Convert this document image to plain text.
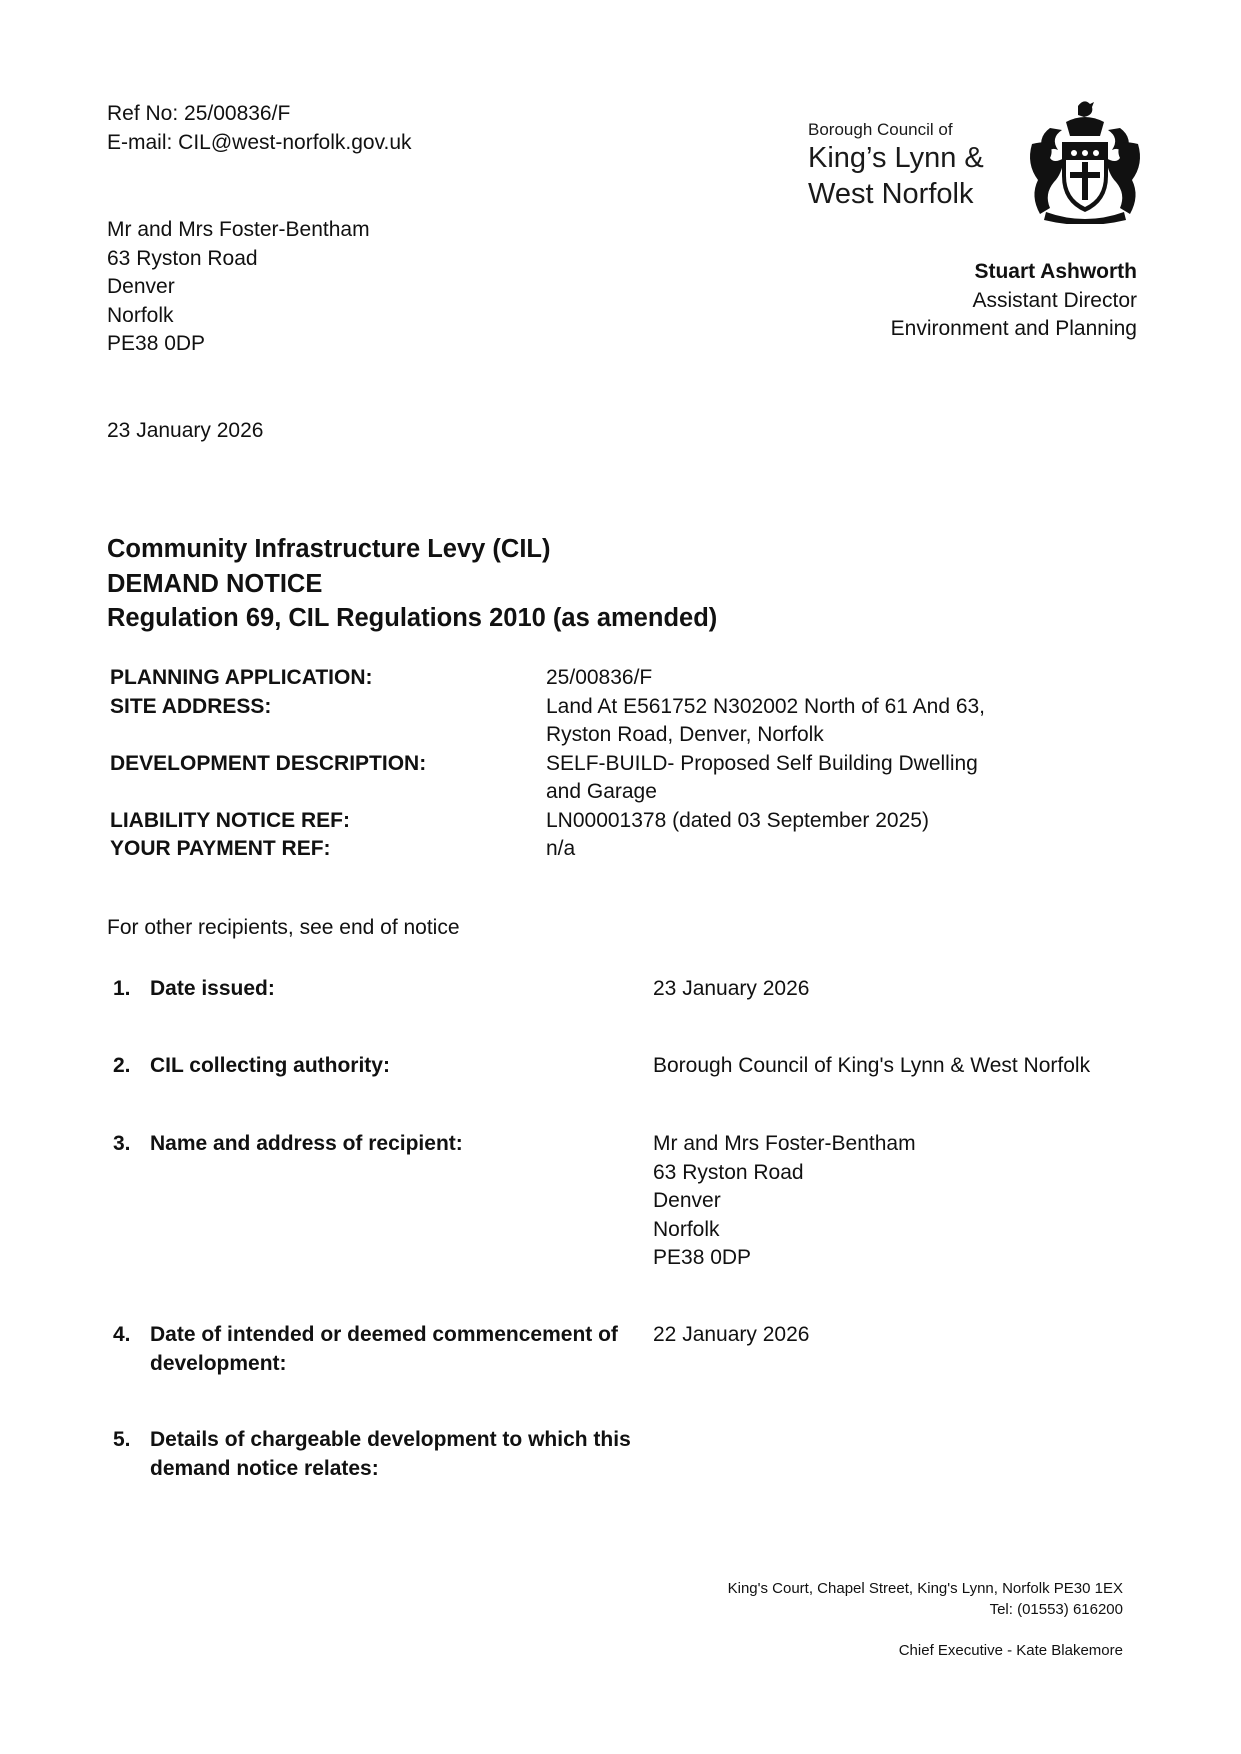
Ref No: 25/00836/F
E-mail: CIL@west-norfolk.gov.uk
Borough Council of
King’s Lynn &
West Norfolk
Stuart Ashworth
Assistant Director
Environment and Planning
Mr and Mrs Foster-Bentham
63 Ryston Road
Denver
Norfolk
PE38 0DP
23 January 2026
Community Infrastructure Levy (CIL)
DEMAND NOTICE
Regulation 69, CIL Regulations 2010 (as amended)
PLANNING APPLICATION:	25/00836/F
SITE ADDRESS:	Land At E561752 N302002 North of 61 And 63,
Ryston Road, Denver, Norfolk
DEVELOPMENT DESCRIPTION:	SELF-BUILD- Proposed Self Building Dwelling
and Garage
LIABILITY NOTICE REF:	LN00001378 (dated 03 September 2025)
YOUR PAYMENT REF:	n/a
For other recipients, see end of notice
1. Date issued:	23 January 2026
2. CIL collecting authority:	Borough Council of King's Lynn & West Norfolk
3. Name and address of recipient:	Mr and Mrs Foster-Bentham
63 Ryston Road
Denver
Norfolk
PE38 0DP
4. Date of intended or deemed commencement of development:
22 January 2026
5. Details of chargeable development to which this demand notice relates:
King's Court, Chapel Street, King's Lynn, Norfolk PE30 1EX
Tel: (01553) 616200
Chief Executive - Kate Blakemore
